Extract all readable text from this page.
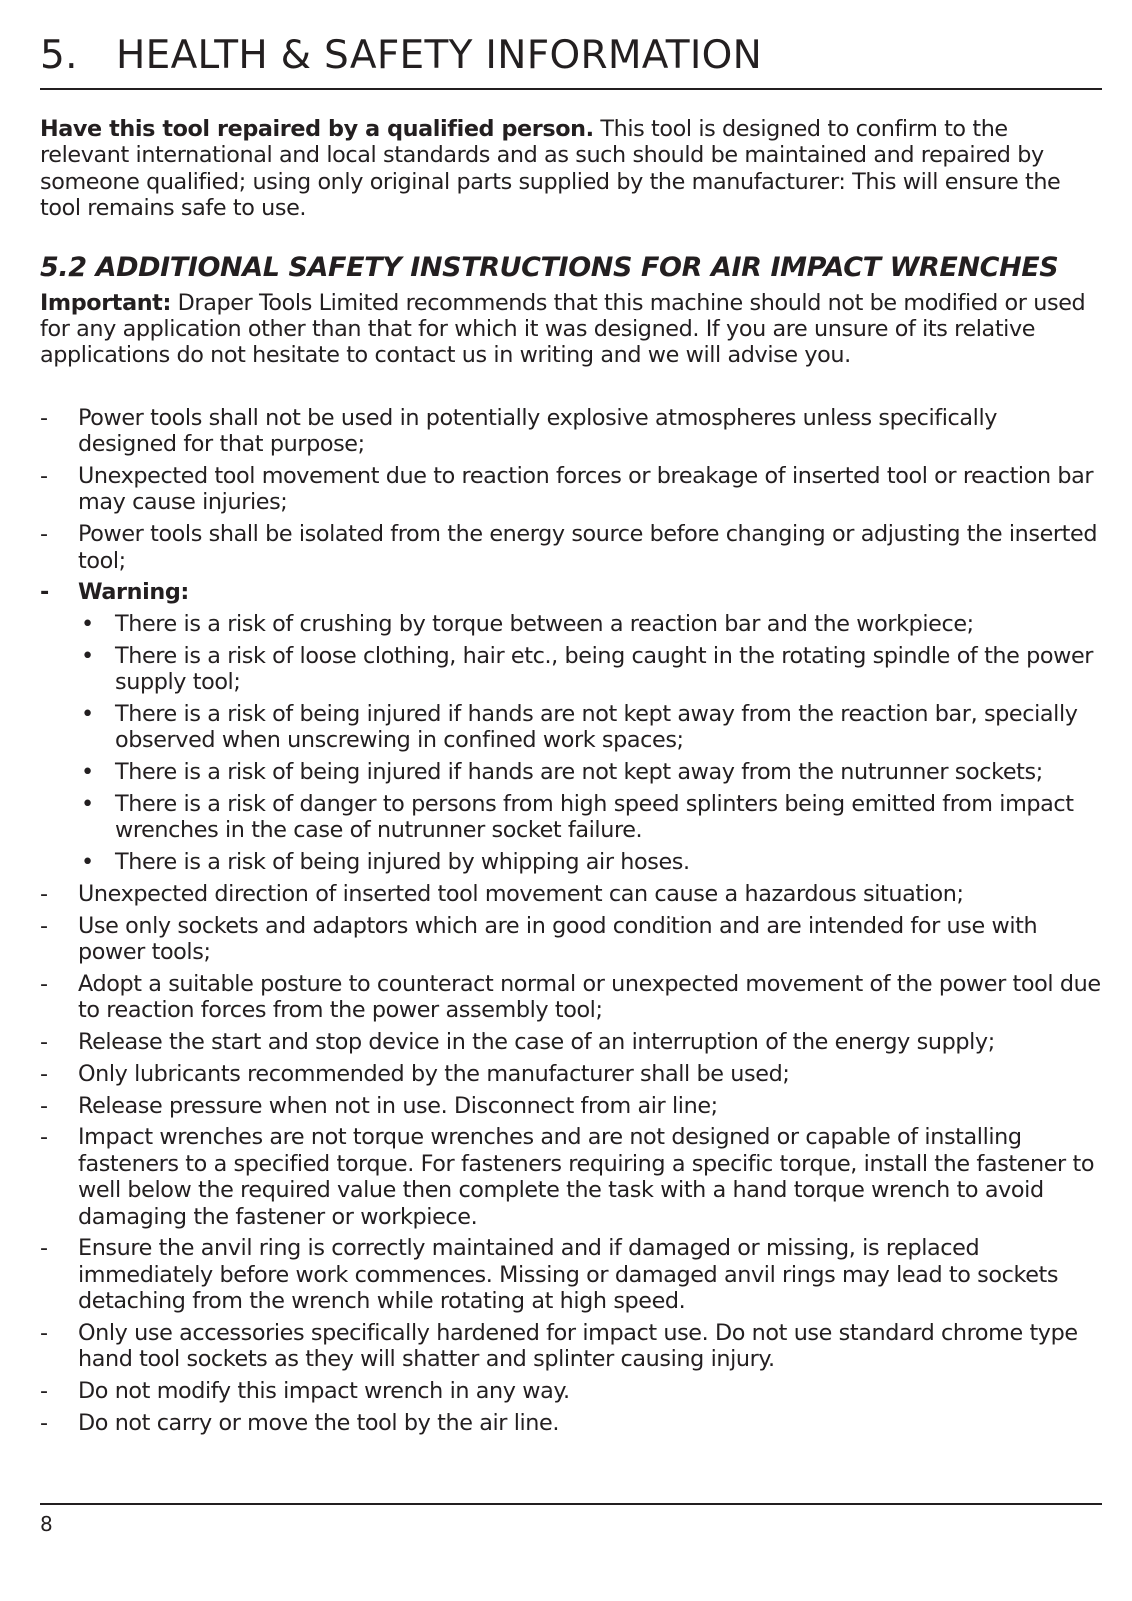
5. HEALTH & SAFETY INFORMATION

Have this tool repaired by a qualified person. This tool is designed to confirm to the relevant international and local standards and as such should be maintained and repaired by someone qualified; using only original parts supplied by the manufacturer: This will ensure the tool remains safe to use.

5.2 ADDITIONAL SAFETY INSTRUCTIONS FOR AIR IMPACT WRENCHES

Important: Draper Tools Limited recommends that this machine should not be modified or used for any application other than that for which it was designed. If you are unsure of its relative applications do not hesitate to contact us in writing and we will advise you.

-	Power tools shall not be used in potentially explosive atmospheres unless specifically designed for that purpose;
-	Unexpected tool movement due to reaction forces or breakage of inserted tool or reaction bar may cause injuries;
-	Power tools shall be isolated from the energy source before changing or adjusting the inserted tool;
-	Warning:
• There is a risk of crushing by torque between a reaction bar and the workpiece;
• There is a risk of loose clothing, hair etc., being caught in the rotating spindle of the power supply tool;
• There is a risk of being injured if hands are not kept away from the reaction bar, specially observed when unscrewing in confined work spaces;
• There is a risk of being injured if hands are not kept away from the nutrunner sockets;
• There is a risk of danger to persons from high speed splinters being emitted from impact wrenches in the case of nutrunner socket failure.
• There is a risk of being injured by whipping air hoses.
-	Unexpected direction of inserted tool movement can cause a hazardous situation;
-	Use only sockets and adaptors which are in good condition and are intended for use with power tools;
-	Adopt a suitable posture to counteract normal or unexpected movement of the power tool due to reaction forces from the power assembly tool;
-	Release the start and stop device in the case of an interruption of the energy supply;
-	Only lubricants recommended by the manufacturer shall be used;
-	Release pressure when not in use. Disconnect from air line;
-	Impact wrenches are not torque wrenches and are not designed or capable of installing fasteners to a specified torque. For fasteners requiring a specific torque, install the fastener to well below the required value then complete the task with a hand torque wrench to avoid damaging the fastener or workpiece.
-	Ensure the anvil ring is correctly maintained and if damaged or missing, is replaced immediately before work commences. Missing or damaged anvil rings may lead to sockets detaching from the wrench while rotating at high speed.
-	Only use accessories specifically hardened for impact use. Do not use standard chrome type hand tool sockets as they will shatter and splinter causing injury.
-	Do not modify this impact wrench in any way.
-	Do not carry or move the tool by the air line.
8
